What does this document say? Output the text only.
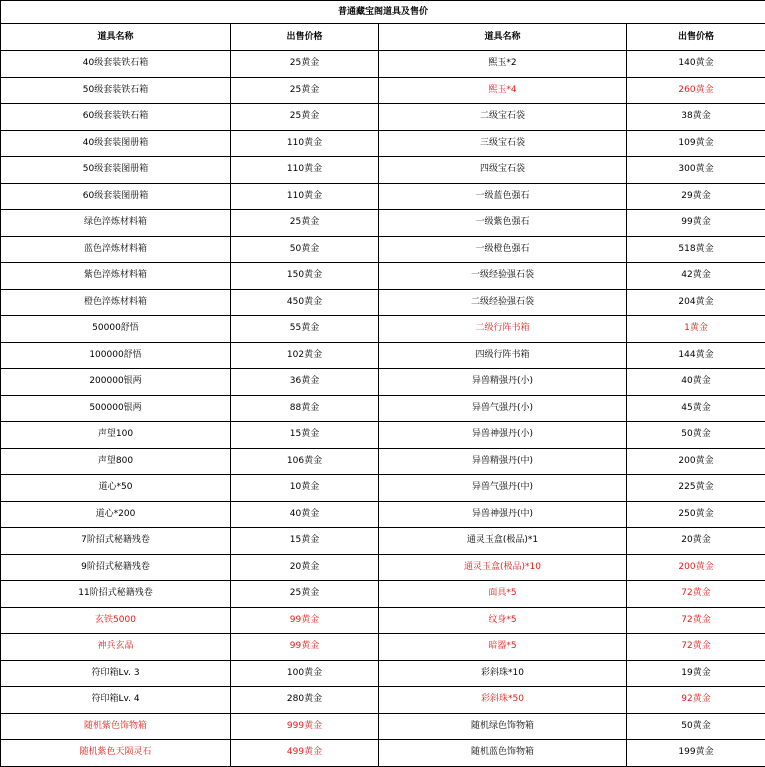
普通藏宝阁道具及售价			
道具名称	出售价格	道具名称	出售价格
40级套装铁石箱	25黄金	熙玉*2	140黄金
50级套装铁石箱	25黄金	熙玉*4	260黄金
60级套装铁石箱	25黄金	二级宝石袋	38黄金
40级套装图册箱	110黄金	三级宝石袋	109黄金
50级套装图册箱	110黄金	四级宝石袋	300黄金
60级套装图册箱	110黄金	一级蓝色强石	29黄金
绿色淬炼材料箱	25黄金	一级紫色强石	99黄金
蓝色淬炼材料箱	50黄金	一级橙色强石	518黄金
紫色淬炼材料箱	150黄金	一级经验强石袋	42黄金
橙色淬炼材料箱	450黄金	二级经验强石袋	204黄金
50000舒悟	55黄金	二级行阵书箱	1黄金
100000舒悟	102黄金	四级行阵书箱	144黄金
200000银两	36黄金	异兽精强丹(小)	40黄金
500000银两	88黄金	异兽气强丹(小)	45黄金
声望100	15黄金	异兽神强丹(小)	50黄金
声望800	106黄金	异兽精强丹(中)	200黄金
道心*50	10黄金	异兽气强丹(中)	225黄金
道心*200	40黄金	异兽神强丹(中)	250黄金
7阶招式秘籍残卷	15黄金	通灵玉盒(极品)*1	20黄金
9阶招式秘籍残卷	20黄金	通灵玉盒(极品)*10	200黄金
11阶招式秘籍残卷	25黄金	面具*5	72黄金
玄铁5000	99黄金	纹身*5	72黄金
神兵玄晶	99黄金	暗器*5	72黄金
符印箱Lv. 3	100黄金	彩斜珠*10	19黄金
符印箱Lv. 4	280黄金	彩斜珠*50	92黄金
随机紫色饰物箱	999黄金	随机绿色饰物箱	50黄金
随机紫色天陨灵石	499黄金	随机蓝色饰物箱	199黄金
